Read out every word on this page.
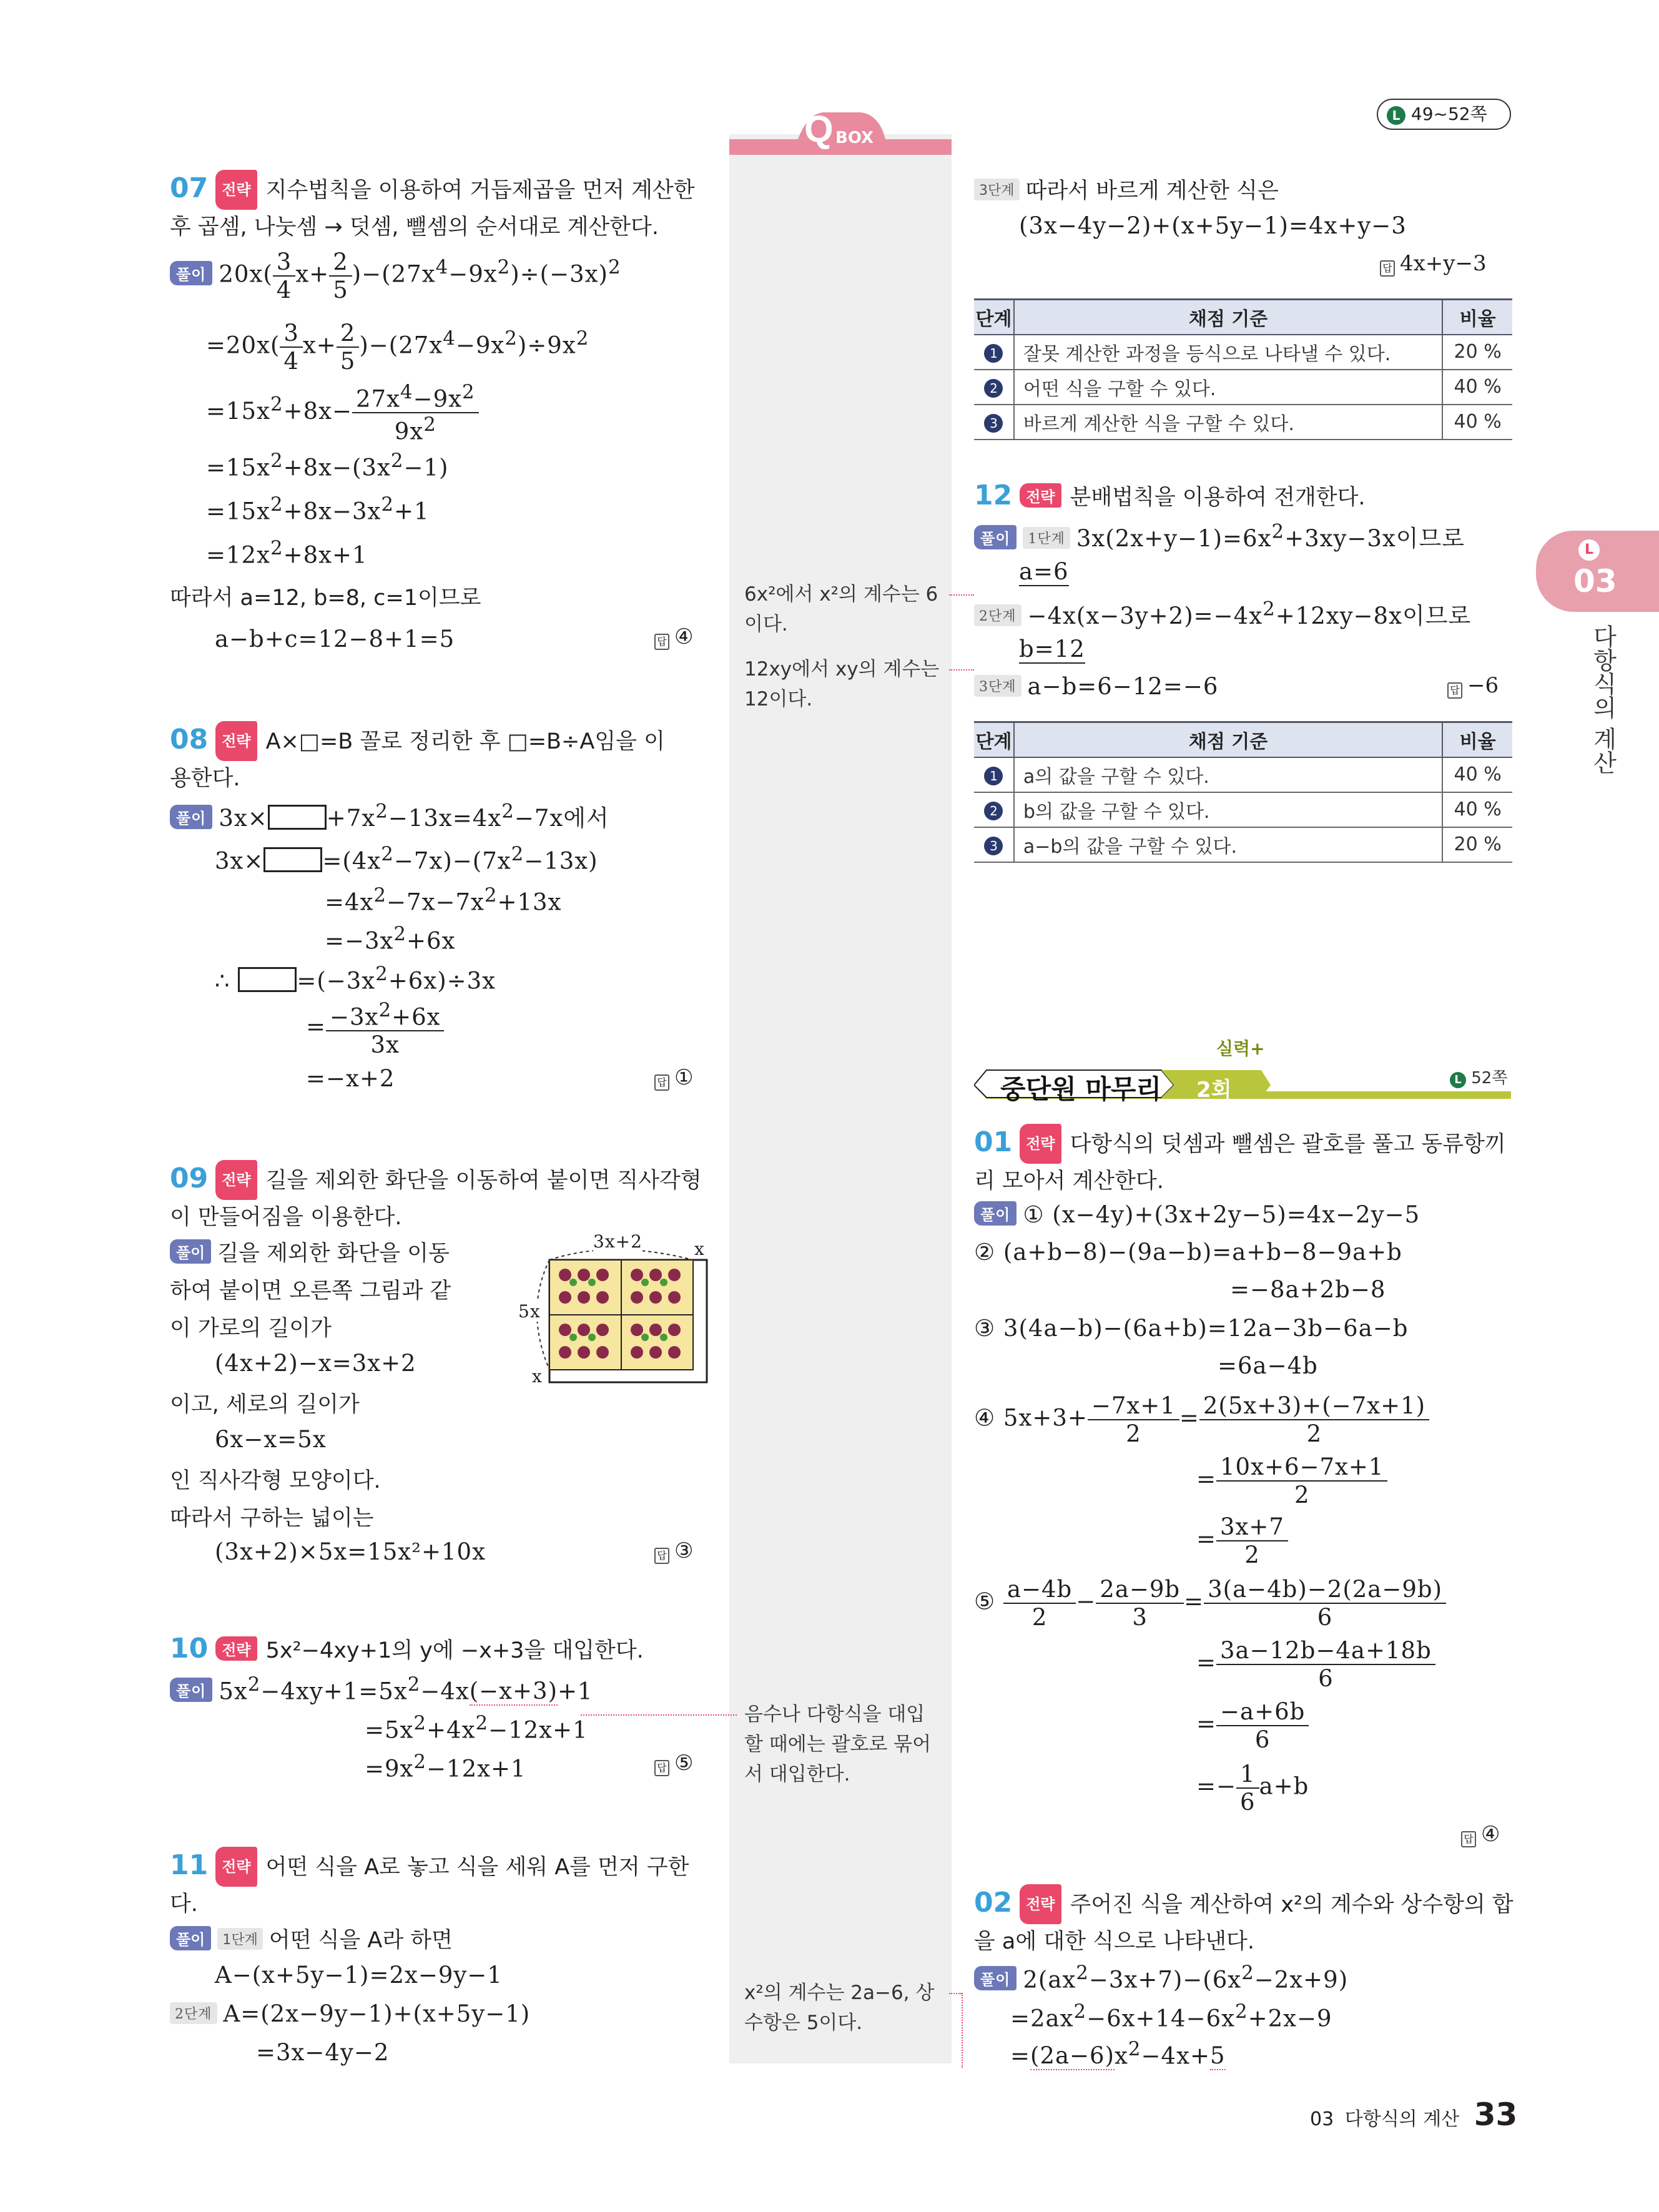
L 49~52쪽
Q BOX
L
03
다항식의 계산
07 전략 지수법칙을 이용하여 거듭제곱을 먼저 계산한
후 곱셈, 나눗셈 → 덧셈, 뺄셈의 순서대로 계산한다.
풀이 $20x( \frac{3}{4} x+ \frac{2}{5} )-(27x^4-9x^2)\div(-3x)^2$
$=20x( \frac{3}{4} x+ \frac{2}{5} )-(27x^4-9x^2)\div 9x^2$
$=15x^2+8x- \frac{27x^4-9x^2}{9x^2}$
$=15x^2+8x-(3x^2-1)$
$=15x^2+8x-3x^2+1$
$=12x^2+8x+1$
따라서 a=12, b=8, c=1이므로
a−b+c=12−8+1=5	답 ④
08 전략 A×□=B 꼴로 정리한 후 □=B÷A임을 이
용한다.
풀이 3x×	$+7x^2-13x=4x^2-7x$에서
3x×	$=(4x^2-7x)-(7x^2-13x)$
$=4x^2-7x-7x^2+13x$
$=-3x^2+6x$
∴	$=(-3x^2+6x)\div 3x$
= $\frac{-3x^2+6x}{3x}$
=−x+2	답 ①
09 전략 길을 제외한 화단을 이동하여 붙이면 직사각형
이 만들어짐을 이용한다.
풀이 길을 제외한 화단을 이동
하여 붙이면 오른쪽 그림과 같
이 가로의 길이가
(4x+2)−x=3x+2
이고, 세로의 길이가
6x−x=5x
인 직사각형 모양이다.
따라서 구하는 넓이는
(3x+2)×5x=15x²+10x	답 ③
3x+2	x
5x
x
10 전략 5x²−4xy+1의 y에 −x+3을 대입한다.
풀이 $5x^2-4xy+1=5x^2-4x(-x+3)+1$
$=5x^2+4x^2-12x+1$
$=9x^2-12x+1$	답 ⑤
11 전략 어떤 식을 A로 놓고 식을 세워 A를 먼저 구한
다.
풀이 1단계 어떤 식을 A라 하면
A−(x+5y−1)=2x−9y−1
2단계 A=(2x−9y−1)+(x+5y−1)
=3x−4y−2
6x²에서 x²의 계수는 6
이다.
12xy에서 xy의 계수는
12이다.
음수나 다항식을 대입
할 때에는 괄호로 묶어
서 대입한다.
x²의 계수는 2a−6, 상
수항은 5이다.
3단계 따라서 바르게 계산한 식은
(3x−4y−2)+(x+5y−1)=4x+y−3
답 4x+y−3
단계	채점 기준	비율
1	잘못 계산한 과정을 등식으로 나타낼 수 있다.	20 %
2	어떤 식을 구할 수 있다.	40 %
3	바르게 계산한 식을 구할 수 있다.	40 %
12 전략 분배법칙을 이용하여 전개한다.
풀이 1단계 $3x(2x+y-1)=6x^2+3xy-3x$이므로
a=6
2단계 $-4x(x-3y+2)=-4x^2+12xy-8x$이므로
b=12
3단계 a−b=6−12=−6	답 −6
단계	채점 기준	비율
1	a의 값을 구할 수 있다.	40 %
2	b의 값을 구할 수 있다.	40 %
3	a−b의 값을 구할 수 있다.	20 %
중단원 마무리 2회
실력+
L 52쪽
01 전략 다항식의 덧셈과 뺄셈은 괄호를 풀고 동류항끼
리 모아서 계산한다.
풀이 ① (x−4y)+(3x+2y−5)=4x−2y−5
② (a+b−8)−(9a−b)=a+b−8−9a+b
=−8a+2b−8
③ 3(4a−b)−(6a+b)=12a−3b−6a−b
=6a−4b
④ $5x+3+ \frac{-7x+1}{2} = \frac{2(5x+3)+(-7x+1)}{2}$
= $\frac{10x+6-7x+1}{2}$
= $\frac{3x+7}{2}$
⑤ $\frac{a-4b}{2} - \frac{2a-9b}{3} = \frac{3(a-4b)-2(2a-9b)}{6}$
= $\frac{3a-12b-4a+18b}{6}$
= $\frac{-a+6b}{6}$
=− $\frac{1}{6} a+b$
답 ④
02 전략 주어진 식을 계산하여 x²의 계수와 상수항의 합
을 a에 대한 식으로 나타낸다.
풀이 $2(ax^2-3x+7)-(6x^2-2x+9)$
$=2ax^2-6x+14-6x^2+2x-9$
$=(2a-6)x^2-4x+5$
03 다항식의 계산 33
